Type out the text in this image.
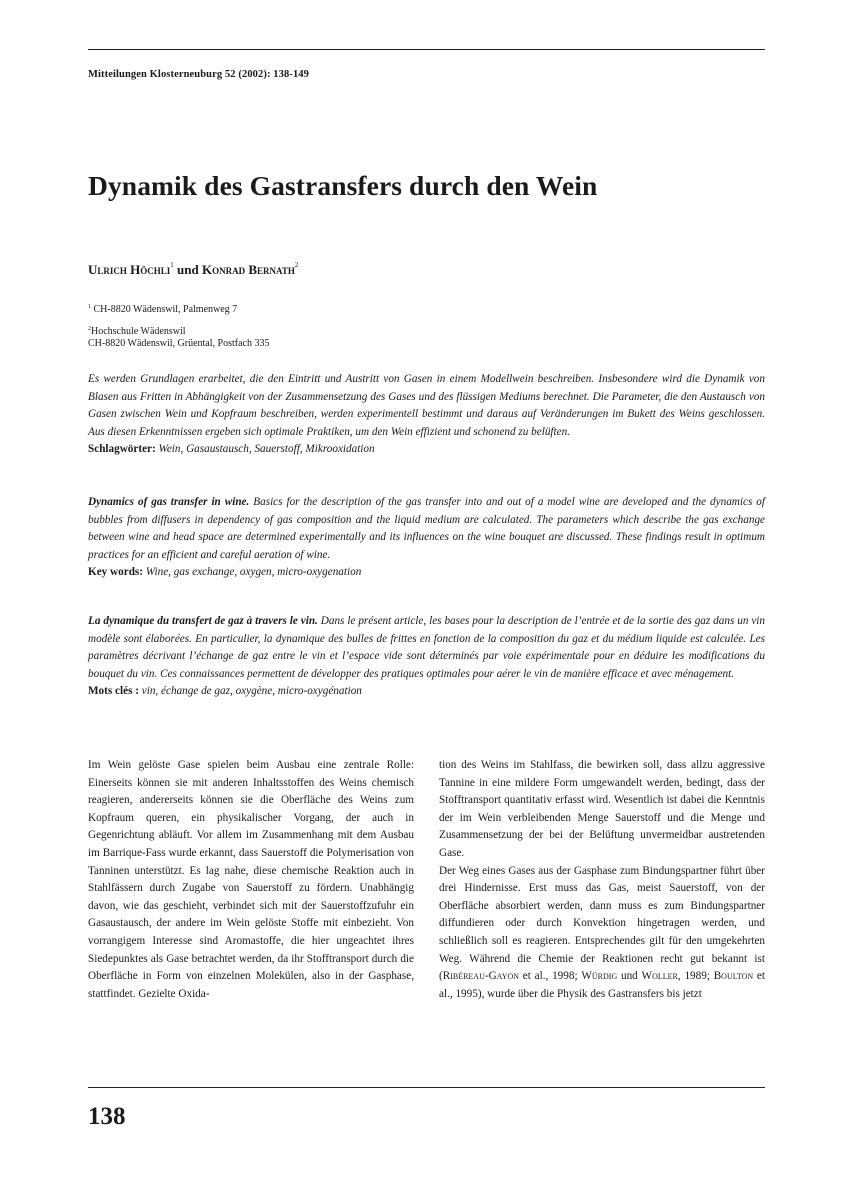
Mitteilungen Klosterneuburg 52 (2002): 138-149
Dynamik des Gastransfers durch den Wein
Ulrich Höchli$^1$ und Konrad Bernath$^2$
$^1$ CH-8820 Wädenswil, Palmenweg 7
$^2$Hochschule Wädenswil
CH-8820 Wädenswil, Grüental, Postfach 335
Es werden Grundlagen erarbeitet, die den Eintritt und Austritt von Gasen in einem Modellwein beschreiben. Insbesondere wird die Dynamik von Blasen aus Fritten in Abhängigkeit von der Zusammensetzung des Gases und des flüssigen Mediums berechnet. Die Parameter, die den Austausch von Gasen zwischen Wein und Kopfraum beschreiben, werden experimentell bestimmt und daraus auf Veränderungen im Bukett des Weins geschlossen. Aus diesen Erkenntnissen ergeben sich optimale Praktiken, um den Wein effizient und schonend zu belüften.
Schlagwörter: Wein, Gasaustausch, Sauerstoff, Mikrooxidation
Dynamics of gas transfer in wine. Basics for the description of the gas transfer into and out of a model wine are developed and the dynamics of bubbles from diffusers in dependency of gas composition and the liquid medium are calculated. The parameters which describe the gas exchange between wine and head space are determined experimentally and its influences on the wine bouquet are discussed. These findings result in optimum practices for an efficient and careful aeration of wine.
Key words: Wine, gas exchange, oxygen, micro-oxygenation
La dynamique du transfert de gaz à travers le vin. Dans le présent article, les bases pour la description de l’entrée et de la sortie des gaz dans un vin modèle sont élaborées. En particulier, la dynamique des bulles de frittes en fonction de la composition du gaz et du médium liquide est calculée. Les paramètres décrivant l’échange de gaz entre le vin et l’espace vide sont déterminés par voie expérimentale pour en déduire les modifications du bouquet du vin. Ces connaissances permettent de développer des pratiques optimales pour aérer le vin de manière efficace et avec ménagement.
Mots clés : vin, échange de gaz, oxygène, micro-oxygénation

Im Wein gelöste Gase spielen beim Ausbau eine zentrale Rolle: Einerseits können sie mit anderen Inhaltsstoffen des Weins chemisch reagieren, andererseits können sie die Oberfläche des Weins zum Kopfraum queren, ein physikalischer Vorgang, der auch in Gegenrichtung abläuft. Vor allem im Zusammenhang mit dem Ausbau im Barrique-Fass wurde erkannt, dass Sauerstoff die Polymerisation von Tanninen unterstützt. Es lag nahe, diese chemische Reaktion auch in Stahlfässern durch Zugabe von Sauerstoff zu fördern. Unabhängig davon, wie das geschieht, verbindet sich mit der Sauerstoffzufuhr ein Gasaustausch, der andere im Wein gelöste Stoffe mit einbezieht. Von vorrangigem Interesse sind Aromastoffe, die hier ungeachtet ihres Siedepunktes als Gase betrachtet werden, da ihr Stofftransport durch die Oberfläche in Form von einzelnen Molekülen, also in der Gasphase, stattfindet. Gezielte Oxida-

tion des Weins im Stahlfass, die bewirken soll, dass allzu aggressive Tannine in eine mildere Form umgewandelt werden, bedingt, dass der Stofftransport quantitativ erfasst wird. Wesentlich ist dabei die Kenntnis der im Wein verbleibenden Menge Sauerstoff und die Menge und Zusammensetzung der bei der Belüftung unvermeidbar austretenden Gase.

Der Weg eines Gases aus der Gasphase zum Bindungspartner führt über drei Hindernisse. Erst muss das Gas, meist Sauerstoff, von der Oberfläche absorbiert werden, dann muss es zum Bindungspartner diffundieren oder durch Konvektion hingetragen werden, und schließlich soll es reagieren. Entsprechendes gilt für den umgekehrten Weg. Während die Chemie der Reaktionen recht gut bekannt ist (Ribéreau-Gayon et al., 1998; Würdig und Woller, 1989; Boulton et al., 1995), wurde über die Physik des Gastransfers bis jetzt

138
